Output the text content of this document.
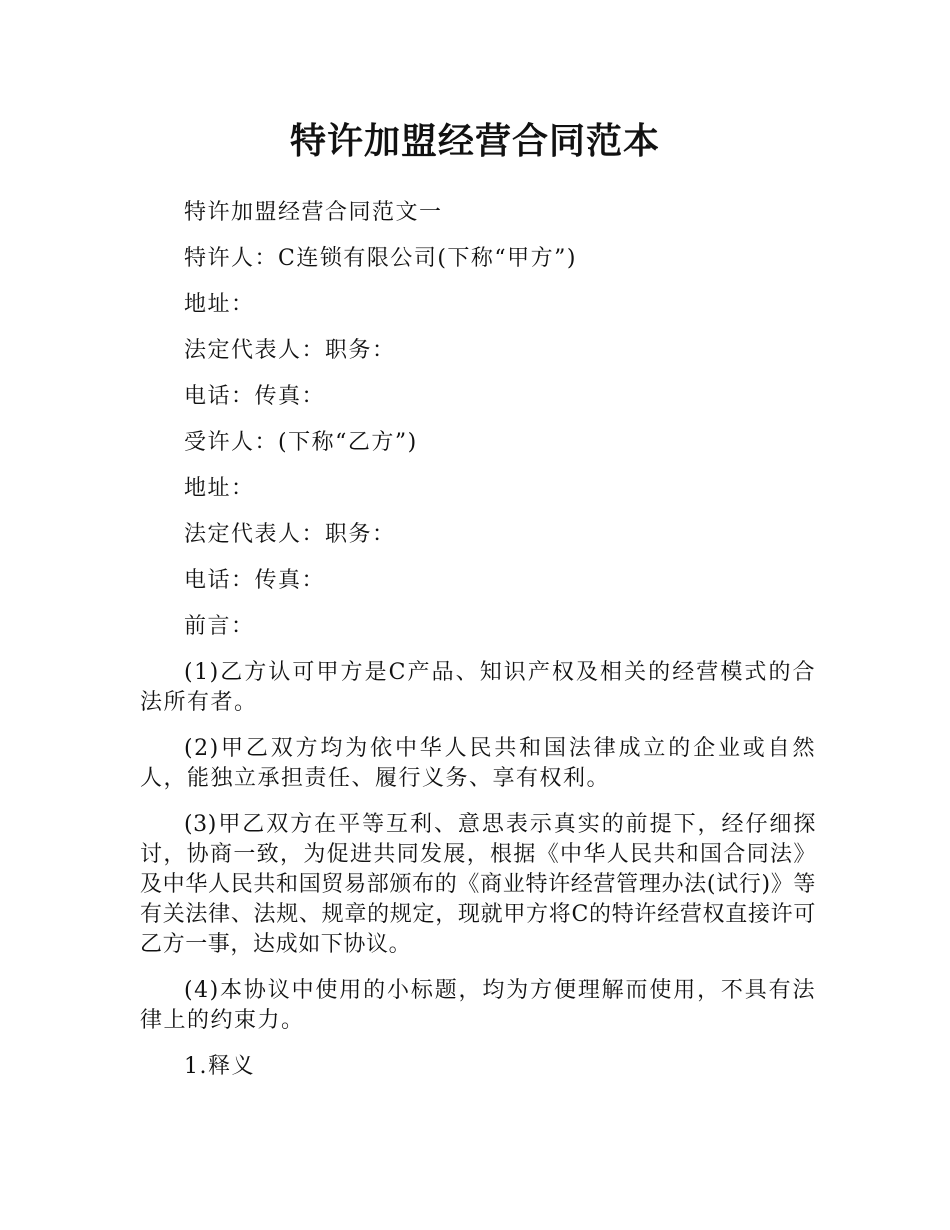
特许加盟经营合同范本
特许加盟经营合同范文一
特许人：C连锁有限公司(下称“甲方”)
地址：
法定代表人：职务：
电话：传真：
受许人：(下称“乙方”)
地址：
法定代表人：职务：
电话：传真：
前言：

(1)乙方认可甲方是C产品、知识产权及相关的经营模式的合法所有者。

(2)甲乙双方均为依中华人民共和国法律成立的企业或自然人，能独立承担责任、履行义务、享有权利。

(3)甲乙双方在平等互利、意思表示真实的前提下，经仔细探讨，协商一致，为促进共同发展，根据《中华人民共和国合同法》及中华人民共和国贸易部颁布的《商业特许经营管理办法(试行)》等有关法律、法规、规章的规定，现就甲方将C的特许经营权直接许可乙方一事，达成如下协议。

(4)本协议中使用的小标题，均为方便理解而使用，不具有法律上的约束力。

1.释义
